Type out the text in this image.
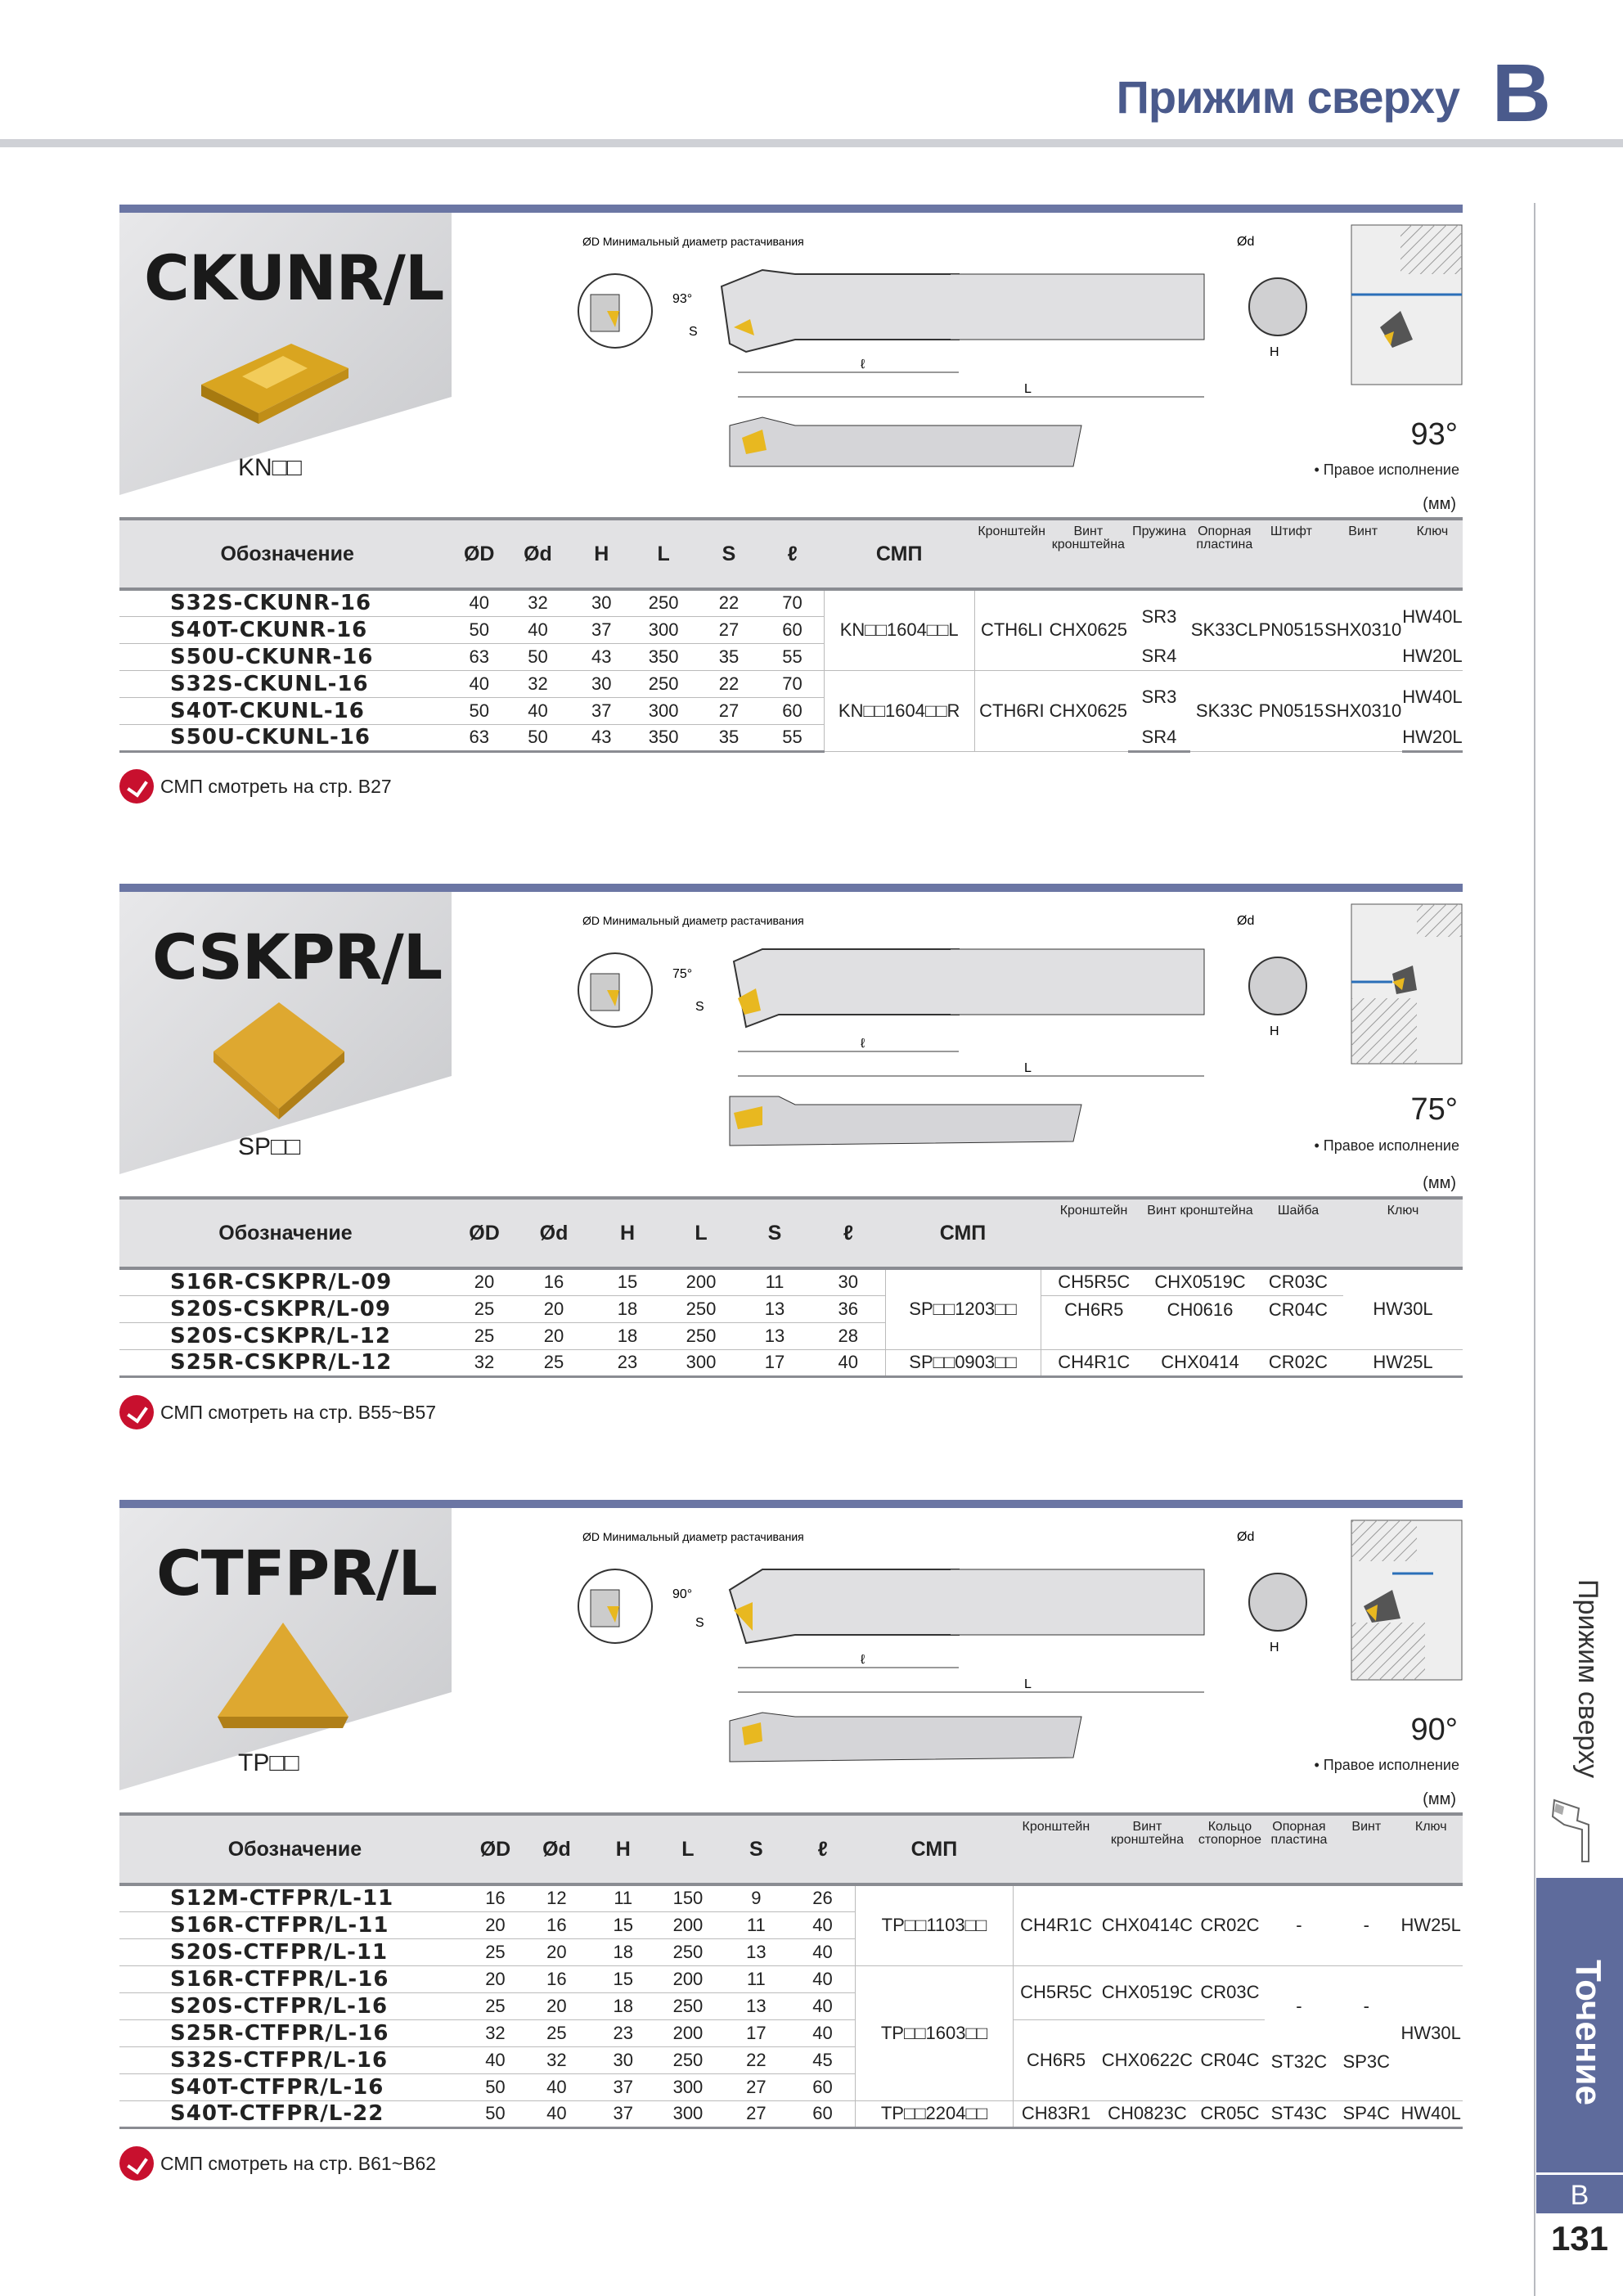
Прижим сверху B
Прижим сверху
Точение
B
131
CKUNR/L
KN□□
ØD Минимальный диаметр растачивания
93°
S
ℓ
L
Ød
H
93°
• Правое исполнение
(мм)
Обозначение	ØD	Ød	H	L	S	ℓ	СМП	Кронштейн	Винт кронштейна	Пружина	Опорная пластина	Штифт	Винт	Ключ
S32S-CKUNR-16	40	32	30	250	22	70	KN□□1604□□L	CTH6LI	CHX0625	SR3	SK33CL	PN0515	SHX0310	HW40L
S40T-CKUNR-16	50	40	37	300	27	60								
S50U-CKUNR-16	63	50	43	350	35	55				SR4				HW20L
S32S-CKUNL-16	40	32	30	250	22	70	KN□□1604□□R	CTH6RI	CHX0625	SR3	SK33C	PN0515	SHX0310	HW40L
S40T-CKUNL-16	50	40	37	300	27	60								
S50U-CKUNL-16	63	50	43	350	35	55				SR4				HW20L
СМП смотреть на стр.
B27
CSKPR/L
SP□□
ØD Минимальный диаметр растачивания
75°
S
ℓ
L
Ød
H
75°
• Правое исполнение
(мм)
Обозначение	ØD	Ød	H	L	S	ℓ	СМП	Кронштейн	Винт кронштейна	Шайба	Ключ
S16R-CSKPR/L-09	20	16	15	200	11	30	SP□□1203□□	CH5R5C	CHX0519C	CR03C	HW30L
S20S-CSKPR/L-09	25	20	18	250	13	36		CH6R5	CH0616	CR04C	
S20S-CSKPR/L-12	25	20	18	250	13	28					
S25R-CSKPR/L-12	32	25	23	300	17	40	SP□□0903□□	CH4R1C	CHX0414	CR02C	HW25L
СМП смотреть на стр.
B55~B57
CTFPR/L
TP□□
ØD Минимальный диаметр растачивания
90°
S
ℓ
L
Ød
H
90°
• Правое исполнение
(мм)
Обозначение	ØD	Ød	H	L	S	ℓ	СМП	Кронштейн	Винт кронштейна	Кольцо стопорное	Опорная пластина	Винт	Ключ
S12M-CTFPR/L-11	16	12	11	150	9	26	TP□□1103□□	CH4R1C	CHX0414C	CR02C	-	-	HW25L
S16R-CTFPR/L-11	20	16	15	200	11	40							
S20S-CTFPR/L-11	25	20	18	250	13	40							
S16R-CTFPR/L-16	20	16	15	200	11	40	TP□□1603□□	CH5R5C	CHX0519C	CR03C	-	-	HW30L
S20S-CTFPR/L-16	25	20	18	250	13	40							
S25R-CTFPR/L-16	32	25	23	200	17	40		CH6R5	CHX0622C	CR04C			
S32S-CTFPR/L-16	40	32	30	250	22	45					ST32C	SP3C	
S40T-CTFPR/L-16	50	40	37	300	27	60							
S40T-CTFPR/L-22	50	40	37	300	27	60	TP□□2204□□	CH83R1	CH0823C	CR05C	ST43C	SP4C	HW40L
СМП смотреть на стр.
B61~B62
